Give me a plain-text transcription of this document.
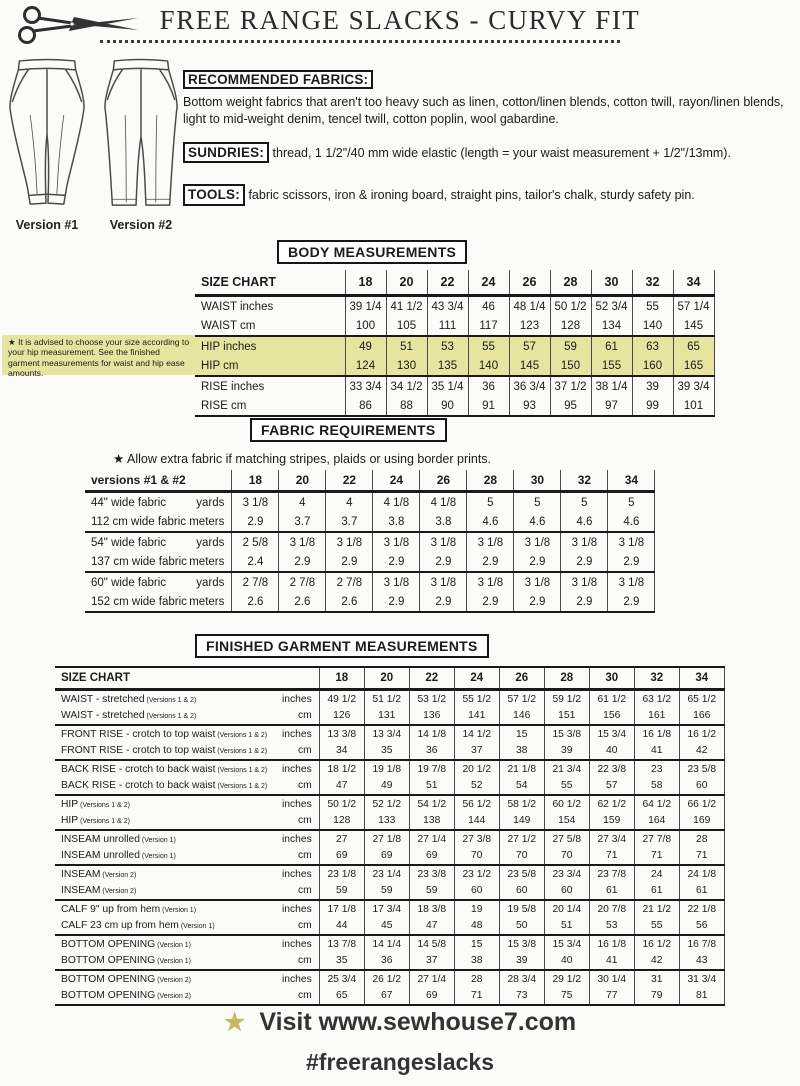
FREE RANGE SLACKS - CURVY FIT
Version #1	Version #2
RECOMMENDED FABRICS:

Bottom weight fabrics that aren't too heavy such as linen, cotton/linen blends, cotton twill, rayon/linen blends, light to mid-weight denim, tencel twill, cotton poplin, wool gabardine.

SUNDRIES: thread, 1 1/2"/40 mm wide elastic (length = your waist measurement + 1/2"/13mm).

TOOLS: fabric scissors, iron & ironing board, straight pins, tailor's chalk, sturdy safety pin.

BODY MEASUREMENTS
★ It is advised to choose your size according to your hip measurement. See the finished garment measurements for waist and hip ease amounts.
SIZE CHART	18	20	22	24	26	28	30	32	34
WAIST inches	39 1/4	41 1/2	43 3/4	46	48 1/4	50 1/2	52 3/4	55	57 1/4
WAIST cm	100	105	111	117	123	128	134	140	145
HIP inches	49	51	53	55	57	59	61	63	65
HIP cm	124	130	135	140	145	150	155	160	165
RISE inches	33 3/4	34 1/2	35 1/4	36	36 3/4	37 1/2	38 1/4	39	39 3/4
RISE cm	86	88	90	91	93	95	97	99	101
FABRIC REQUIREMENTS

★ Allow extra fabric if matching stripes, plaids or using border prints.

versions #1 & #2		18	20	22	24	26	28	30	32	34
44" wide fabric	yards	3 1/8	4	4	4 1/8	4 1/8	5	5	5	5
112 cm wide fabric	meters	2.9	3.7	3.7	3.8	3.8	4.6	4.6	4.6	4.6
54" wide fabric	yards	2 5/8	3 1/8	3 1/8	3 1/8	3 1/8	3 1/8	3 1/8	3 1/8	3 1/8
137 cm wide fabric	meters	2.4	2.9	2.9	2.9	2.9	2.9	2.9	2.9	2.9
60" wide fabric	yards	2 7/8	2 7/8	2 7/8	3 1/8	3 1/8	3 1/8	3 1/8	3 1/8	3 1/8
152 cm wide fabric	meters	2.6	2.6	2.6	2.9	2.9	2.9	2.9	2.9	2.9
FINISHED GARMENT MEASUREMENTS
SIZE CHART		18	20	22	24	26	28	30	32	34
WAIST - stretched (Versions 1 & 2)	inches	49 1/2	51 1/2	53 1/2	55 1/2	57 1/2	59 1/2	61 1/2	63 1/2	65 1/2
WAIST - stretched (Versions 1 & 2)	cm	126	131	136	141	146	151	156	161	166
FRONT RISE - crotch to top waist (Versions 1 & 2)	inches	13 3/8	13 3/4	14 1/8	14 1/2	15	15 3/8	15 3/4	16 1/8	16 1/2
FRONT RISE - crotch to top waist (Versions 1 & 2)	cm	34	35	36	37	38	39	40	41	42
BACK RISE - crotch to back waist (Versions 1 & 2)	inches	18 1/2	19 1/8	19 7/8	20 1/2	21 1/8	21 3/4	22 3/8	23	23 5/8
BACK RISE - crotch to back waist (Versions 1 & 2)	cm	47	49	51	52	54	55	57	58	60
HIP (Versions 1 & 2)	inches	50 1/2	52 1/2	54 1/2	56 1/2	58 1/2	60 1/2	62 1/2	64 1/2	66 1/2
HIP (Versions 1 & 2)	cm	128	133	138	144	149	154	159	164	169
INSEAM unrolled (Version 1)	inches	27	27 1/8	27 1/4	27 3/8	27 1/2	27 5/8	27 3/4	27 7/8	28
INSEAM unrolled (Version 1)	cm	69	69	69	70	70	70	71	71	71
INSEAM (Version 2)	inches	23 1/8	23 1/4	23 3/8	23 1/2	23 5/8	23 3/4	23 7/8	24	24 1/8
INSEAM (Version 2)	cm	59	59	59	60	60	60	61	61	61
CALF 9" up from hem (Version 1)	inches	17 1/8	17 3/4	18 3/8	19	19 5/8	20 1/4	20 7/8	21 1/2	22 1/8
CALF 23 cm up from hem (Version 1)	cm	44	45	47	48	50	51	53	55	56
BOTTOM OPENING (Version 1)	inches	13 7/8	14 1/4	14 5/8	15	15 3/8	15 3/4	16 1/8	16 1/2	16 7/8
BOTTOM OPENING (Version 1)	cm	35	36	37	38	39	40	41	42	43
BOTTOM OPENING (Version 2)	inches	25 3/4	26 1/2	27 1/4	28	28 3/4	29 1/2	30 1/4	31	31 3/4
BOTTOM OPENING (Version 2)	cm	65	67	69	71	73	75	77	79	81
★ Visit www.sewhouse7.com
#freerangeslacks
